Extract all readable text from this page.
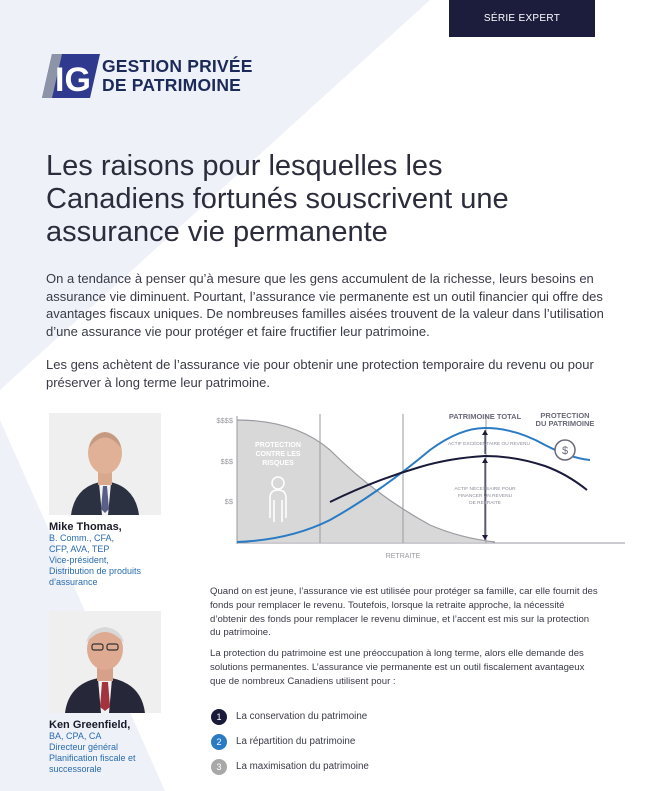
SÉRIE EXPERT
IG GESTION PRIVÉE
DE PATRIMOINE
Les raisons pour lesquelles les Canadiens fortunés souscrivent une assurance vie permanente

On a tendance à penser qu’à mesure que les gens accumulent de la richesse, leurs besoins en assurance vie diminuent. Pourtant, l’assurance vie permanente est un outil financier qui offre des avantages fiscaux uniques. De nombreuses familles aisées trouvent de la valeur dans l’utilisation d’une assurance vie pour protéger et faire fructifier leur patrimoine.

Les gens achètent de l’assurance vie pour obtenir une protection temporaire du revenu ou pour préserver à long terme leur patrimoine.

Mike Thomas,
B. Comm., CFA,
CFP, AVA, TEP
Vice-président,
Distribution de produits
d’assurance
Ken Greenfield,
BA, CPA, CA
Directeur général
Planification fiscale et
successorale
$$$$
$$$
$$
PROTECTION
CONTRE LES
RISQUES
PATRIMOINE TOTAL	PROTECTION
DU PATRIMOINE
ACTIF EXCÉDENTAIRE OU REVENU
ACTIF NÉCESSAIRE POUR
FINANCER UN REVENU
DE RETRAITE
$
RETRAITE

Quand on est jeune, l’assurance vie est utilisée pour protéger sa famille, car elle fournit des fonds pour remplacer le revenu. Toutefois, lorsque la retraite approche, la nécessité d’obtenir des fonds pour remplacer le revenu diminue, et l’accent est mis sur la protection du patrimoine.

La protection du patrimoine est une préoccupation à long terme, alors elle demande des solutions permanentes. L’assurance vie permanente est un outil fiscalement avantageux que de nombreux Canadiens utilisent pour :

1	La conservation du patrimoine
2	La répartition du patrimoine
3	La maximisation du patrimoine
